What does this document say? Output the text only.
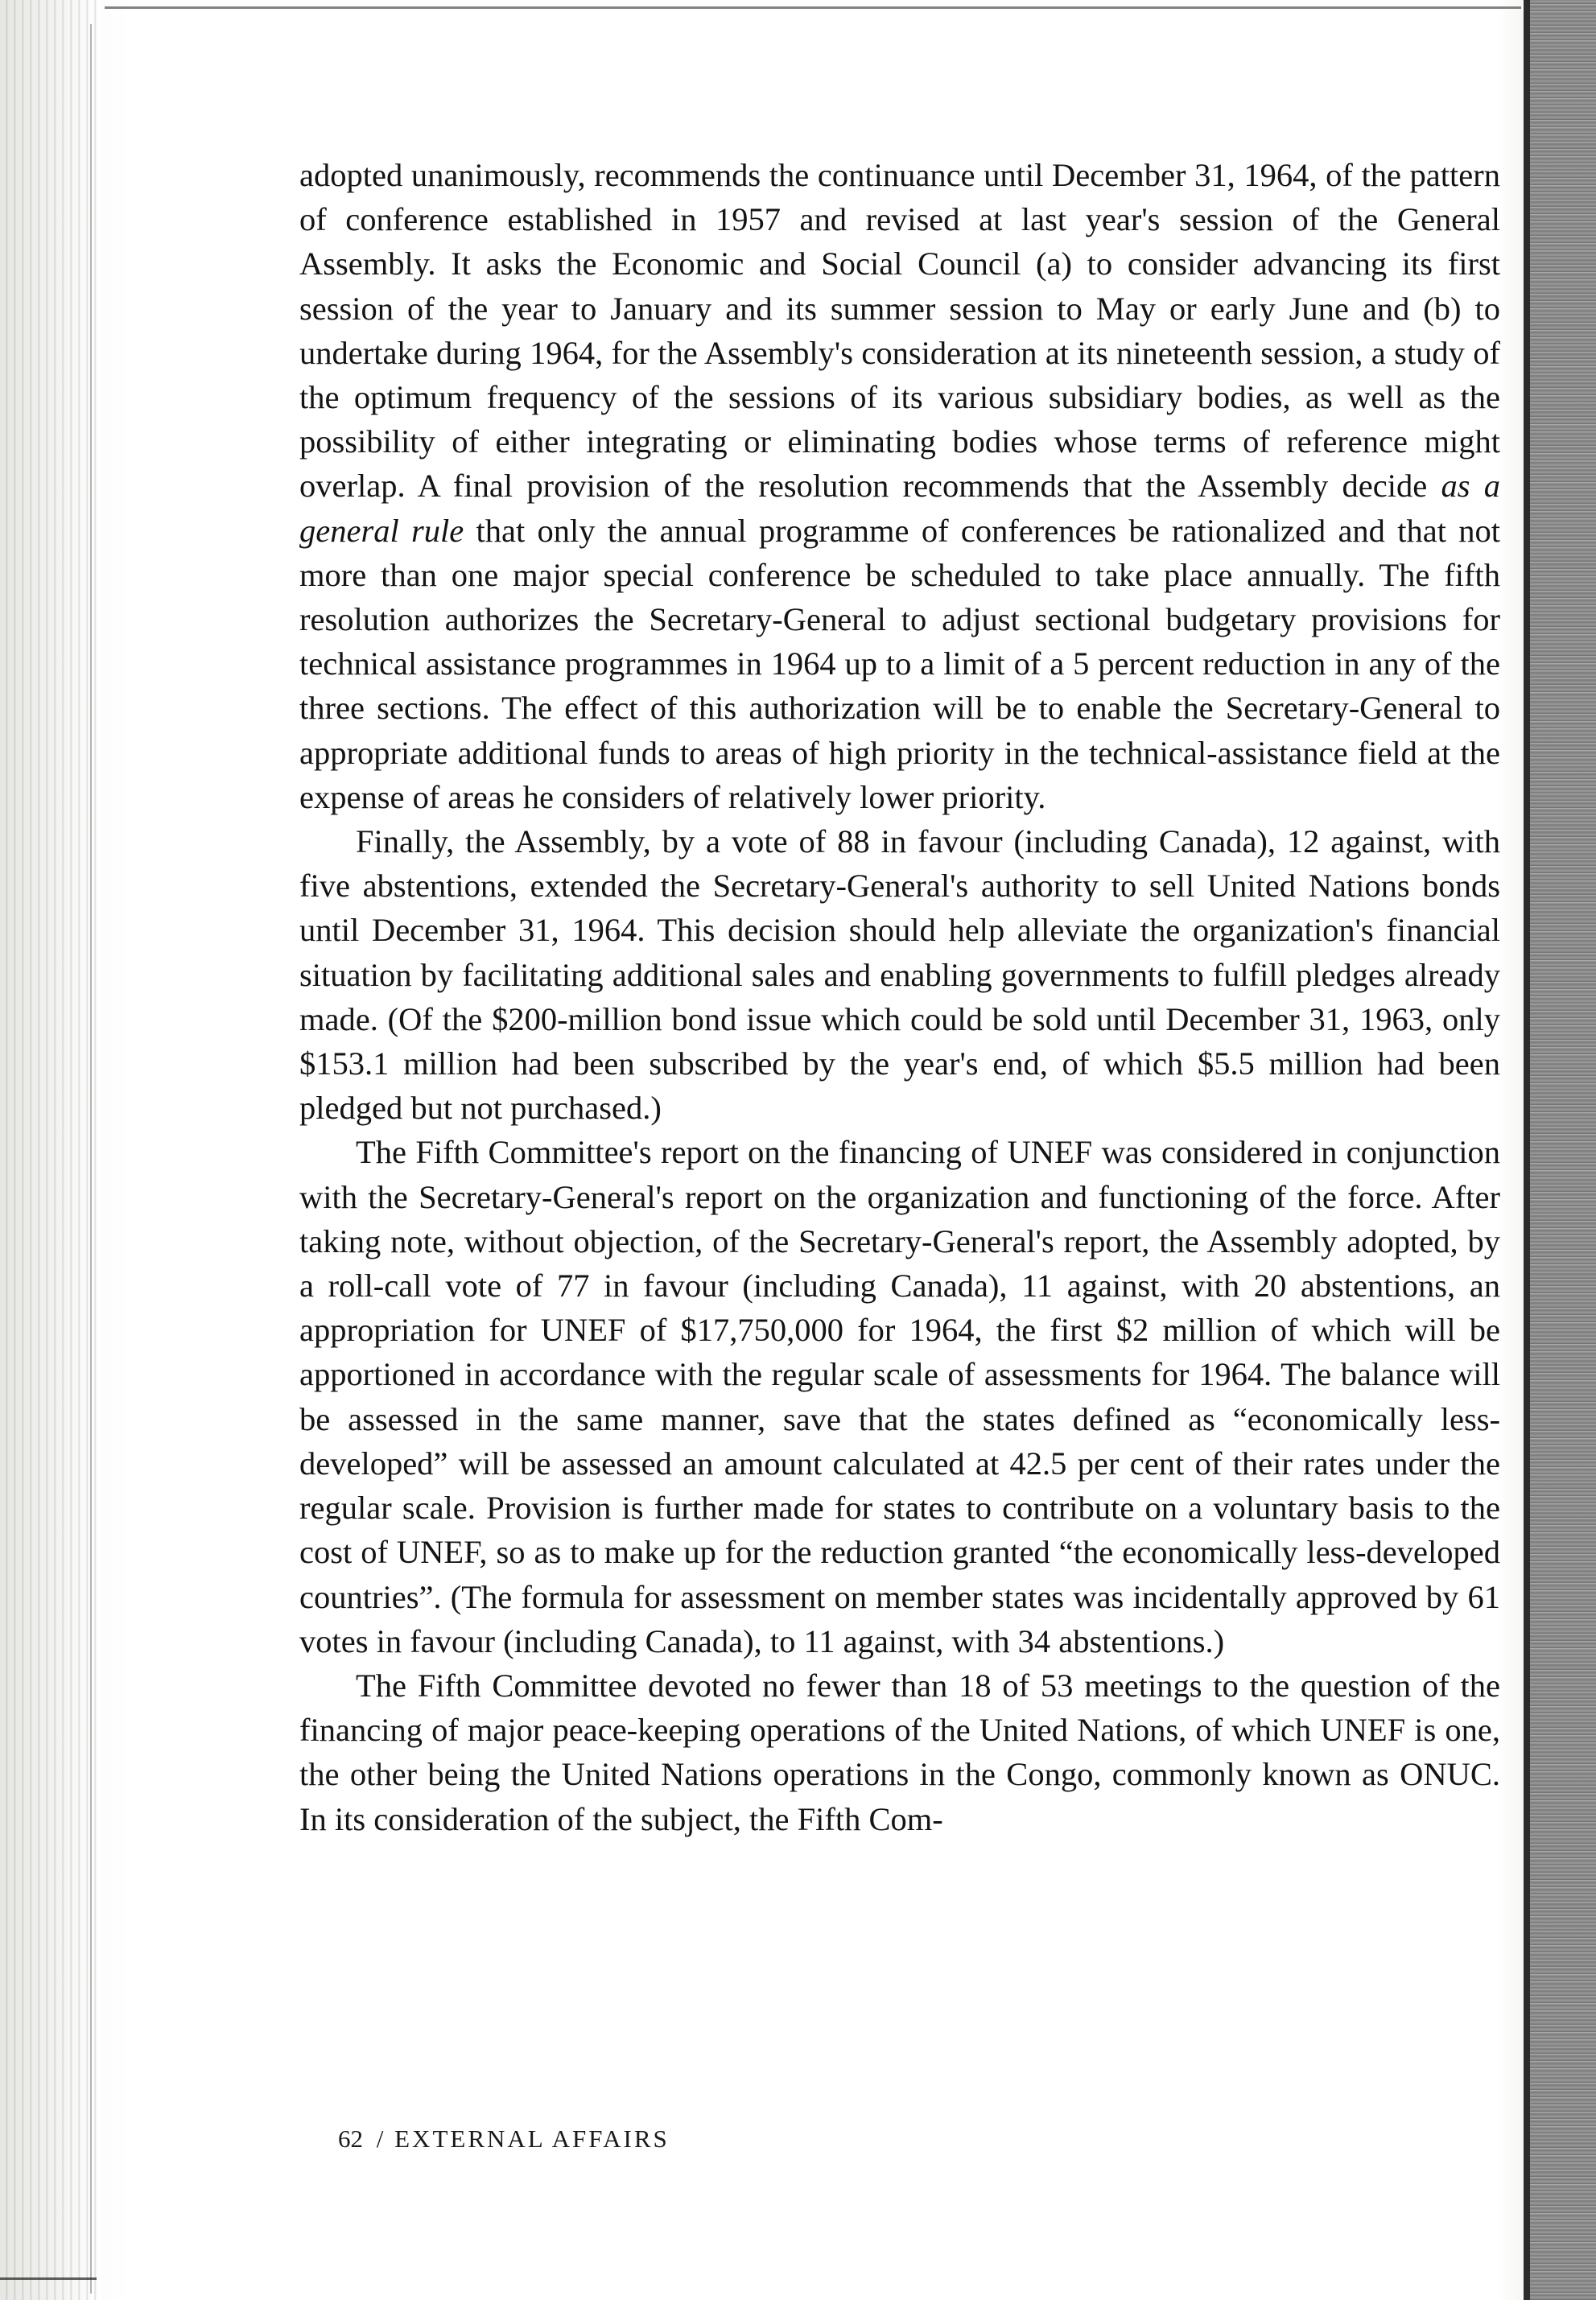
adopted unanimously, recommends the continuance until December 31, 1964, of the pattern of conference established in 1957 and revised at last year's session of the General Assembly. It asks the Economic and Social Council (a) to consider advancing its first session of the year to January and its summer session to May or early June and (b) to undertake during 1964, for the Assembly's consideration at its nineteenth session, a study of the optimum frequency of the sessions of its various subsidiary bodies, as well as the possibility of either integrating or eliminating bodies whose terms of reference might overlap. A final provision of the resolution recommends that the Assembly decide as a general rule that only the annual programme of conferences be rationalized and that not more than one major special conference be scheduled to take place annually. The fifth resolution authorizes the Secretary-General to adjust sectional budgetary provisions for technical assistance programmes in 1964 up to a limit of a 5 percent reduction in any of the three sections. The effect of this authorization will be to enable the Secretary-General to appropriate additional funds to areas of high priority in the technical-assistance field at the expense of areas he considers of relatively lower priority.

Finally, the Assembly, by a vote of 88 in favour (including Canada), 12 against, with five abstentions, extended the Secretary-General's authority to sell United Nations bonds until December 31, 1964. This decision should help alleviate the organization's financial situation by facilitating additional sales and enabling governments to fulfill pledges already made. (Of the $200-million bond issue which could be sold until December 31, 1963, only $153.1 million had been subscribed by the year's end, of which $5.5 million had been pledged but not purchased.)

The Fifth Committee's report on the financing of UNEF was considered in conjunction with the Secretary-General's report on the organization and functioning of the force. After taking note, without objection, of the Secretary-General's report, the Assembly adopted, by a roll-call vote of 77 in favour (including Canada), 11 against, with 20 abstentions, an appropriation for UNEF of $17,750,000 for 1964, the first $2 million of which will be apportioned in accordance with the regular scale of assessments for 1964. The balance will be assessed in the same manner, save that the states defined as “economically less-developed” will be assessed an amount calculated at 42.5 per cent of their rates under the regular scale. Provision is further made for states to contribute on a voluntary basis to the cost of UNEF, so as to make up for the reduction granted “the economically less-developed countries”. (The formula for assessment on member states was incidentally approved by 61 votes in favour (including Canada), to 11 against, with 34 abstentions.)

The Fifth Committee devoted no fewer than 18 of 53 meetings to the question of the financing of major peace-keeping operations of the United Nations, of which UNEF is one, the other being the United Nations operations in the Congo, commonly known as ONUC. In its consideration of the subject, the Fifth Com-

62 / EXTERNAL AFFAIRS
